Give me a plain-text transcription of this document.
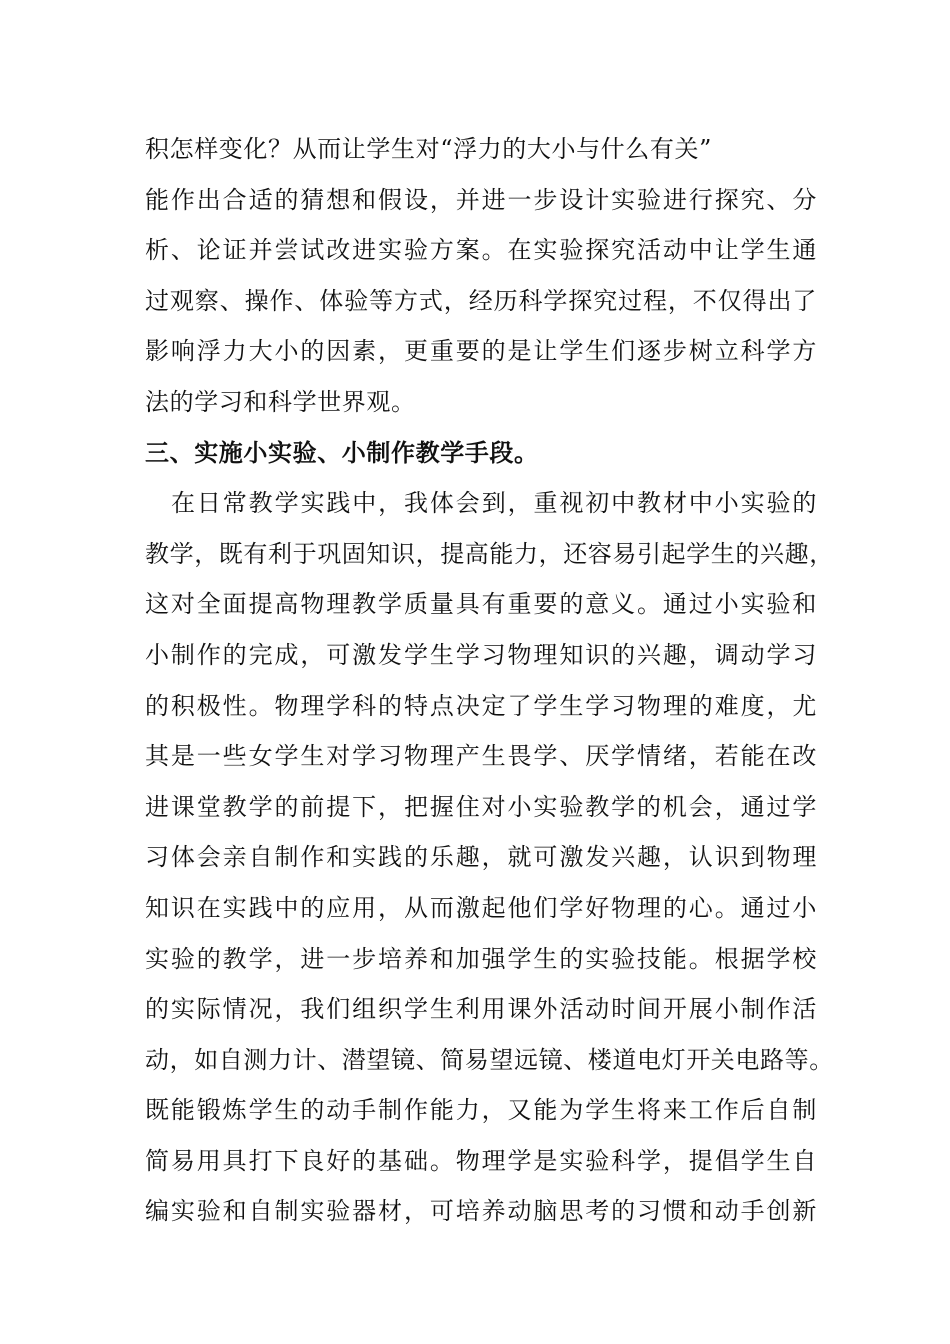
积怎样变化？从而让学生对“浮力的大小与什么有关”
能作出合适的猜想和假设，并进一步设计实验进行探究、分
析、论证并尝试改进实验方案。在实验探究活动中让学生通
过观察、操作、体验等方式，经历科学探究过程，不仅得出了
影响浮力大小的因素，更重要的是让学生们逐步树立科学方
法的学习和科学世界观。
三、实施小实验、小制作教学手段。
在日常教学实践中，我体会到，重视初中教材中小实验的
教学，既有利于巩固知识，提高能力，还容易引起学生的兴趣，
这对全面提高物理教学质量具有重要的意义。通过小实验和
小制作的完成，可激发学生学习物理知识的兴趣，调动学习
的积极性。物理学科的特点决定了学生学习物理的难度，尤
其是一些女学生对学习物理产生畏学、厌学情绪，若能在改
进课堂教学的前提下，把握住对小实验教学的机会，通过学
习体会亲自制作和实践的乐趣，就可激发兴趣，认识到物理
知识在实践中的应用，从而激起他们学好物理的心。通过小
实验的教学，进一步培养和加强学生的实验技能。根据学校
的实际情况，我们组织学生利用课外活动时间开展小制作活
动，如自测力计、潜望镜、简易望远镜、楼道电灯开关电路等。
既能锻炼学生的动手制作能力，又能为学生将来工作后自制
简易用具打下良好的基础。物理学是实验科学，提倡学生自
编实验和自制实验器材，可培养动脑思考的习惯和动手创新
